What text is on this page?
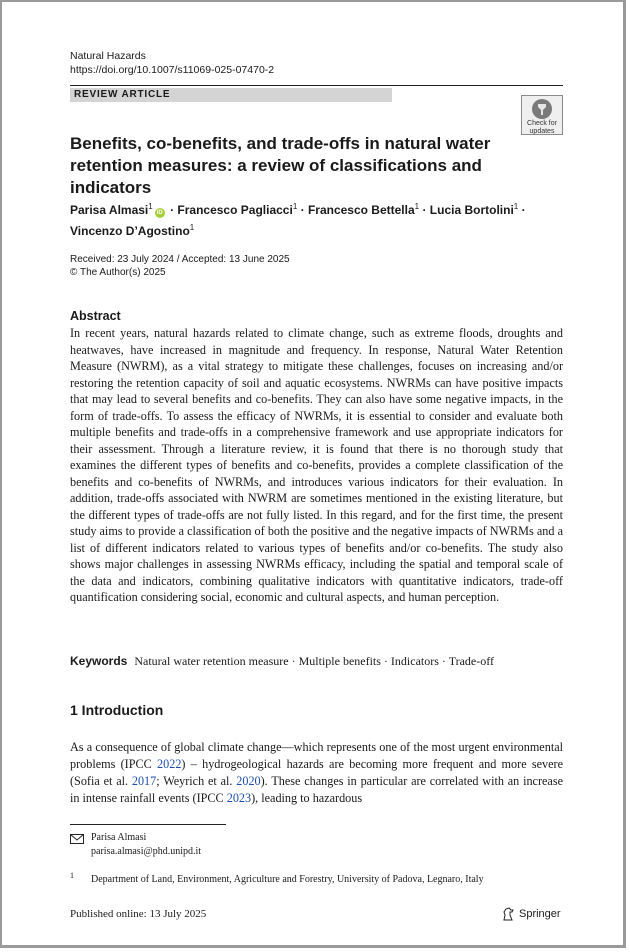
Natural Hazards
https://doi.org/10.1007/s11069-025-07470-2
REVIEW ARTICLE
Check for
updates
Benefits, co-benefits, and trade-offs in natural water retention measures: a review of classifications and indicators
Parisa Almasi$^1$iD · Francesco Pagliacci$^1$ · Francesco Bettella$^1$ · Lucia Bortolini$^1$ ·
Vincenzo D’Agostino$^1$
Received: 23 July 2024 / Accepted: 13 June 2025
© The Author(s) 2025
Abstract
In recent years, natural hazards related to climate change, such as extreme floods, droughts and heatwaves, have increased in magnitude and frequency. In response, Natural Water Retention Measure (NWRM), as a vital strategy to mitigate these challenges, focuses on increasing and/or restoring the retention capacity of soil and aquatic ecosystems. NWRMs can have positive impacts that may lead to several benefits and co-benefits. They can also have some negative impacts, in the form of trade-offs. To assess the efficacy of NWRMs, it is essential to consider and evaluate both multiple benefits and trade-offs in a comprehensive framework and use appropriate indicators for their assessment. Through a literature review, it is found that there is no thorough study that examines the different types of benefits and co-benefits, provides a complete classification of the benefits and co-benefits of NWRMs, and introduces various indicators for their evaluation. In addition, trade-offs associated with NWRM are sometimes mentioned in the existing literature, but the different types of trade-offs are not fully listed. In this regard, and for the first time, the present study aims to provide a classification of both the positive and the negative impacts of NWRMs and a list of different indicators related to various types of benefits and/or co-benefits. The study also shows major challenges in assessing NWRMs efficacy, including the spatial and temporal scale of the data and indicators, combining qualitative indicators with quantitative indicators, trade-off quantification considering social, economic and cultural aspects, and human perception.
Keywords Natural water retention measure · Multiple benefits · Indicators · Trade-off
1 Introduction
As a consequence of global climate change—which represents one of the most urgent environmental problems (IPCC 2022) – hydrogeological hazards are becoming more frequent and more severe (Sofia et al. 2017; Weyrich et al. 2020). These changes in particular are correlated with an increase in intense rainfall events (IPCC 2023), leading to hazardous
Parisa Almasi
parisa.almasi@phd.unipd.it
1 Department of Land, Environment, Agriculture and Forestry, University of Padova, Legnaro, Italy
Published online: 13 July 2025	Springer
